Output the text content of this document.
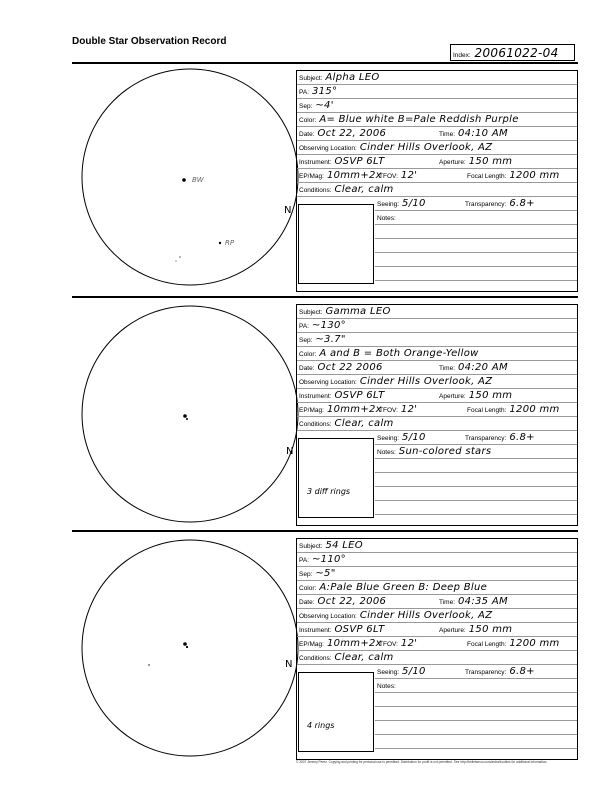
Double Star Observation Record
Index: 20061022-04
BW
RP
N
Subject: Alpha LEO
PA: 315°
Sep: ~4'
Color: A= Blue white B=Pale Reddish Purple
Date: Oct 22, 2006	Time: 04:10 AM
Observing Location: Cinder Hills Overlook, AZ
Instrument: OSVP 6LT	Aperture: 150 mm
EP/Mag: 10mm+2x
TFOV: 12'	Focal Length: 1200 mm
Conditions: Clear, calm
Seeing: 5/10	Transparency: 6.8+
Notes:
N
Subject: Gamma LEO
PA: ~130°
Sep: ~3.7"
Color: A and B = Both Orange-Yellow
Date: Oct 22 2006	Time: 04:20 AM
Observing Location: Cinder Hills Overlook, AZ
Instrument: OSVP 6LT	Aperture: 150 mm
EP/Mag: 10mm+2x
TFOV: 12'	Focal Length: 1200 mm
Conditions: Clear, calm
3 diff rings
Seeing: 5/10	Transparency: 6.8+
Notes: Sun-colored stars
N
Subject: 54 LEO
PA: ~110°
Sep: ~5"
Color: A:Pale Blue Green B: Deep Blue
Date: Oct 22, 2006	Time: 04:35 AM
Observing Location: Cinder Hills Overlook, AZ
Instrument: OSVP 6LT	Aperture: 150 mm
EP/Mag: 10mm+2x
TFOV: 12'	Focal Length: 1200 mm
Conditions: Clear, calm
4 rings
Seeing: 5/10	Transparency: 6.8+
Notes:
© 2007 Jeremy Perez. Copying and printing for personal use is permitted. Distribution for profit is not permitted. See http://belletsmoo.com/astro/doubles for additional information.
